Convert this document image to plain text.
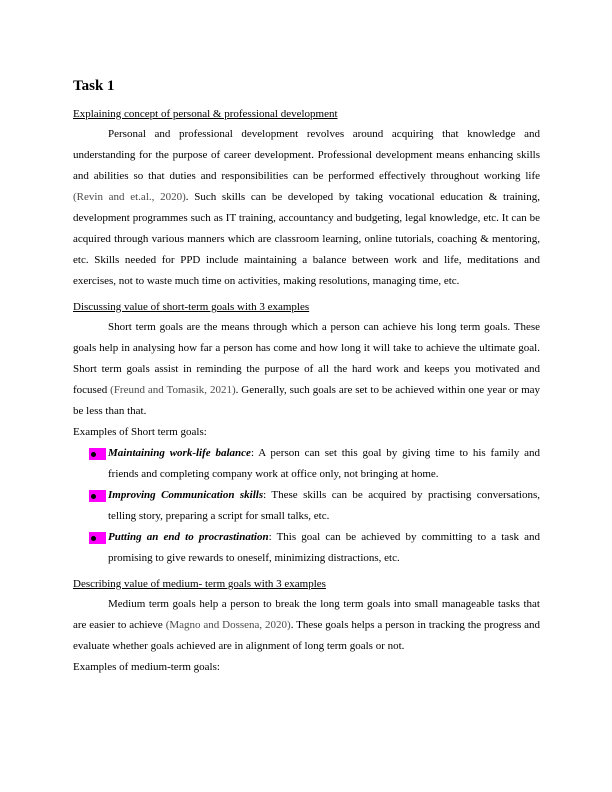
Task 1
Explaining concept of personal & professional development

Personal and professional development revolves around acquiring that knowledge and understanding for the purpose of career development. Professional development means enhancing skills and abilities so that duties and responsibilities can be performed effectively throughout working life (Revin and et.al., 2020). Such skills can be developed by taking vocational education & training, development programmes such as IT training, accountancy and budgeting, legal knowledge, etc. It can be acquired through various manners which are classroom learning, online tutorials, coaching & mentoring, etc. Skills needed for PPD include maintaining a balance between work and life, meditations and exercises, not to waste much time on activities, making resolutions, managing time, etc.

Discussing value of short-term goals with 3 examples

Short term goals are the means through which a person can achieve his long term goals. These goals help in analysing how far a person has come and how long it will take to achieve the ultimate goal. Short term goals assist in reminding the purpose of all the hard work and keeps you motivated and focused (Freund and Tomasik, 2021). Generally, such goals are set to be achieved within one year or may be less than that.

Examples of Short term goals:

Maintaining work-life balance: A person can set this goal by giving time to his family and friends and completing company work at office only, not bringing at home.
Improving Communication skills: These skills can be acquired by practising conversations, telling story, preparing a script for small talks, etc.
Putting an end to procrastination: This goal can be achieved by committing to a task and promising to give rewards to oneself, minimizing distractions, etc.
Describing value of medium- term goals with 3 examples

Medium term goals help a person to break the long term goals into small manageable tasks that are easier to achieve (Magno and Dossena, 2020). These goals helps a person in tracking the progress and evaluate whether goals achieved are in alignment of long term goals or not.

Examples of medium-term goals:
